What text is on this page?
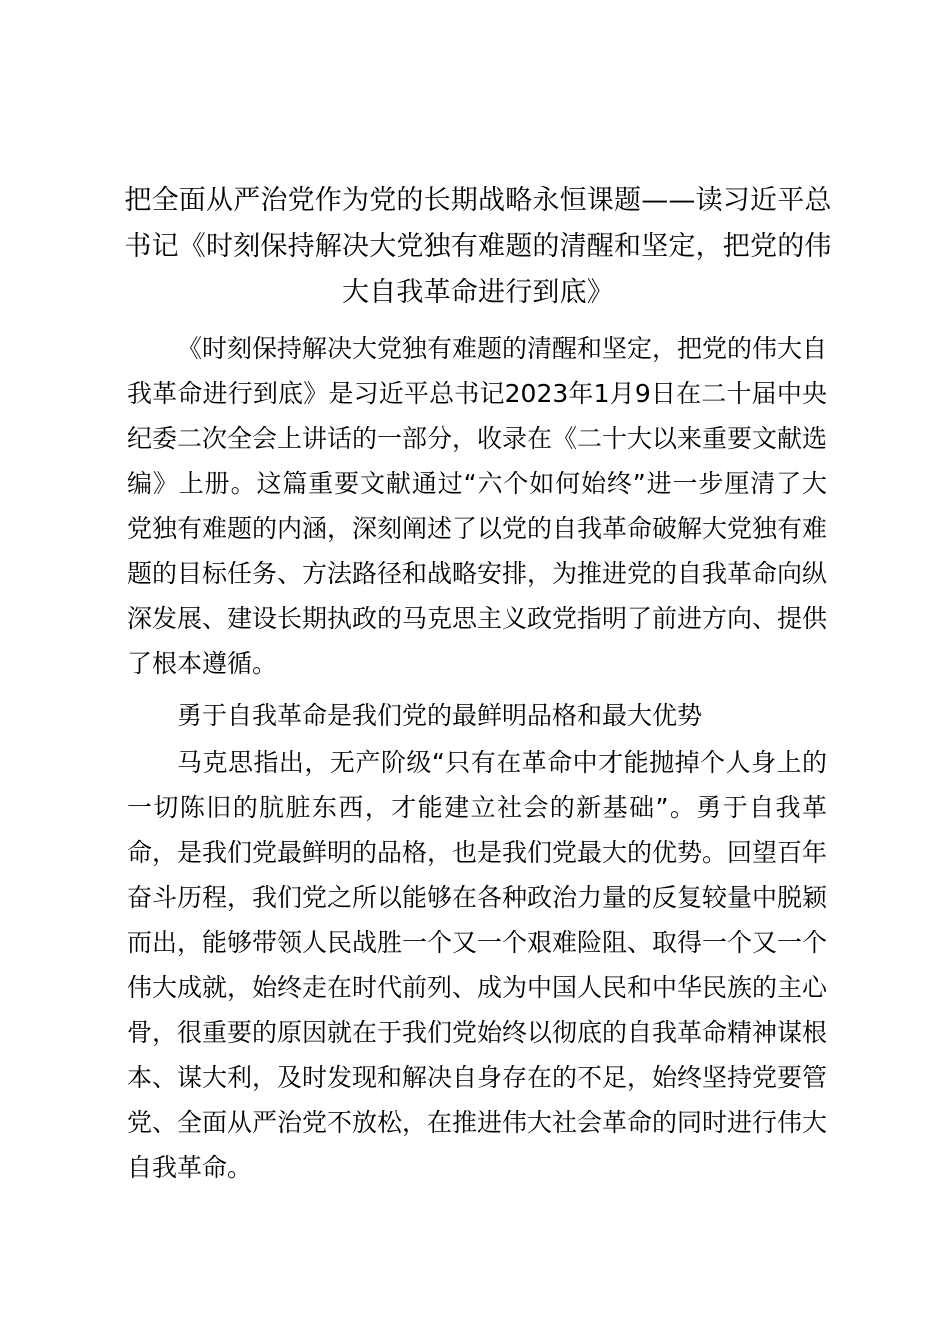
把全面从严治党作为党的长期战略永恒课题——读习近平总书记《时刻保持解决大党独有难题的清醒和坚定，把党的伟大自我革命进行到底》

《时刻保持解决大党独有难题的清醒和坚定，把党的伟大自我革命进行到底》是习近平总书记2023年1月9日在二十届中央纪委二次全会上讲话的一部分，收录在《二十大以来重要文献选编》上册。这篇重要文献通过“六个如何始终”进一步厘清了大党独有难题的内涵，深刻阐述了以党的自我革命破解大党独有难题的目标任务、方法路径和战略安排，为推进党的自我革命向纵深发展、建设长期执政的马克思主义政党指明了前进方向、提供了根本遵循。

勇于自我革命是我们党的最鲜明品格和最大优势

马克思指出，无产阶级“只有在革命中才能抛掉个人身上的一切陈旧的肮脏东西，才能建立社会的新基础”。勇于自我革命，是我们党最鲜明的品格，也是我们党最大的优势。回望百年奋斗历程，我们党之所以能够在各种政治力量的反复较量中脱颖而出，能够带领人民战胜一个又一个艰难险阻、取得一个又一个伟大成就，始终走在时代前列、成为中国人民和中华民族的主心骨，很重要的原因就在于我们党始终以彻底的自我革命精神谋根本、谋大利，及时发现和解决自身存在的不足，始终坚持党要管党、全面从严治党不放松，在推进伟大社会革命的同时进行伟大自我革命。
